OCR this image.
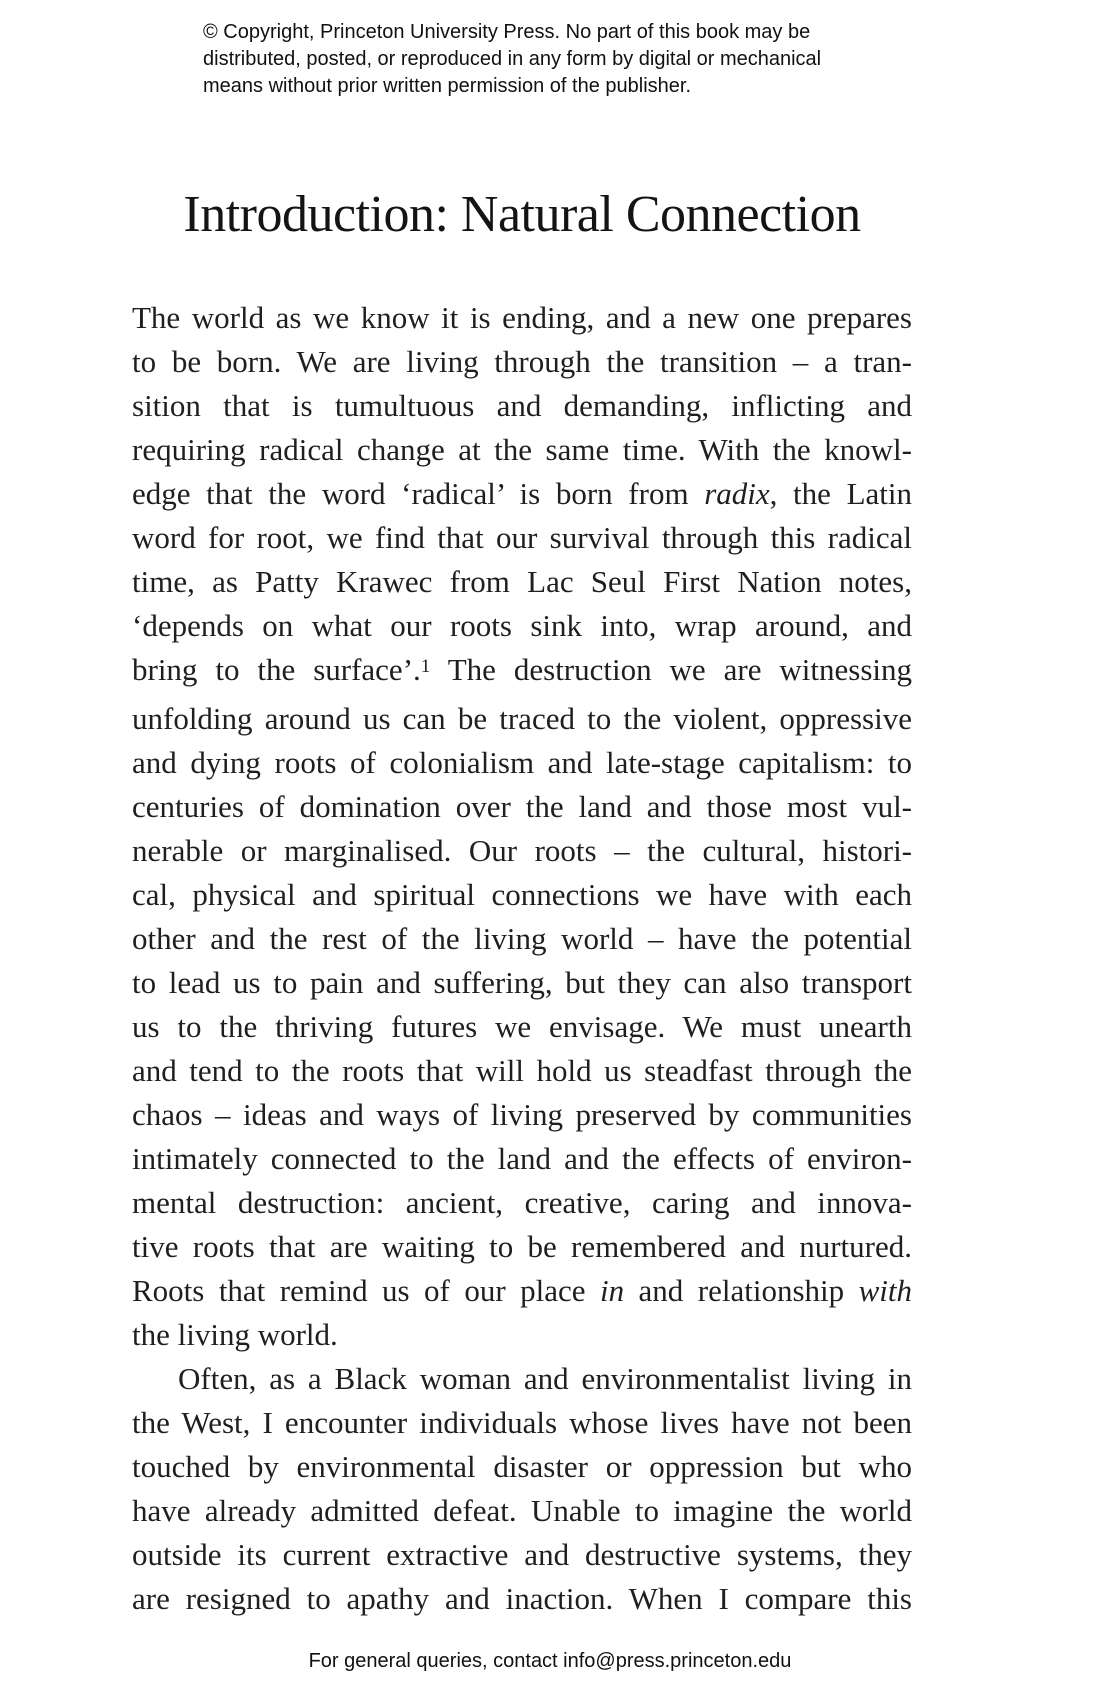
© Copyright, Princeton University Press. No part of this book may be
distributed, posted, or reproduced in any form by digital or mechanical
means without prior written permission of the publisher.
Introduction: Natural Connection
The world as we know it is ending, and a new one prepares
to be born. We are living through the transition – a tran-
sition that is tumultuous and demanding, inflicting and
requiring radical change at the same time. With the knowl-
edge that the word ‘radical’ is born from radix, the Latin
word for root, we find that our survival through this radical
time, as Patty Krawec from Lac Seul First Nation notes,
‘depends on what our roots sink into, wrap around, and
bring to the surface’.$^1$ The destruction we are witnessing
unfolding around us can be traced to the violent, oppressive
and dying roots of colonialism and late-stage capitalism: to
centuries of domination over the land and those most vul-
nerable or marginalised. Our roots – the cultural, histori-
cal, physical and spiritual connections we have with each
other and the rest of the living world – have the potential
to lead us to pain and suffering, but they can also transport
us to the thriving futures we envisage. We must unearth
and tend to the roots that will hold us steadfast through the
chaos – ideas and ways of living preserved by communities
intimately connected to the land and the effects of environ-
mental destruction: ancient, creative, caring and innova-
tive roots that are waiting to be remembered and nurtured.
Roots that remind us of our place in and relationship with
the living world.
Often, as a Black woman and environmentalist living in
the West, I encounter individuals whose lives have not been
touched by environmental disaster or oppression but who
have already admitted defeat. Unable to imagine the world
outside its current extractive and destructive systems, they
are resigned to apathy and inaction. When I compare this
For general queries, contact info@press.princeton.edu
